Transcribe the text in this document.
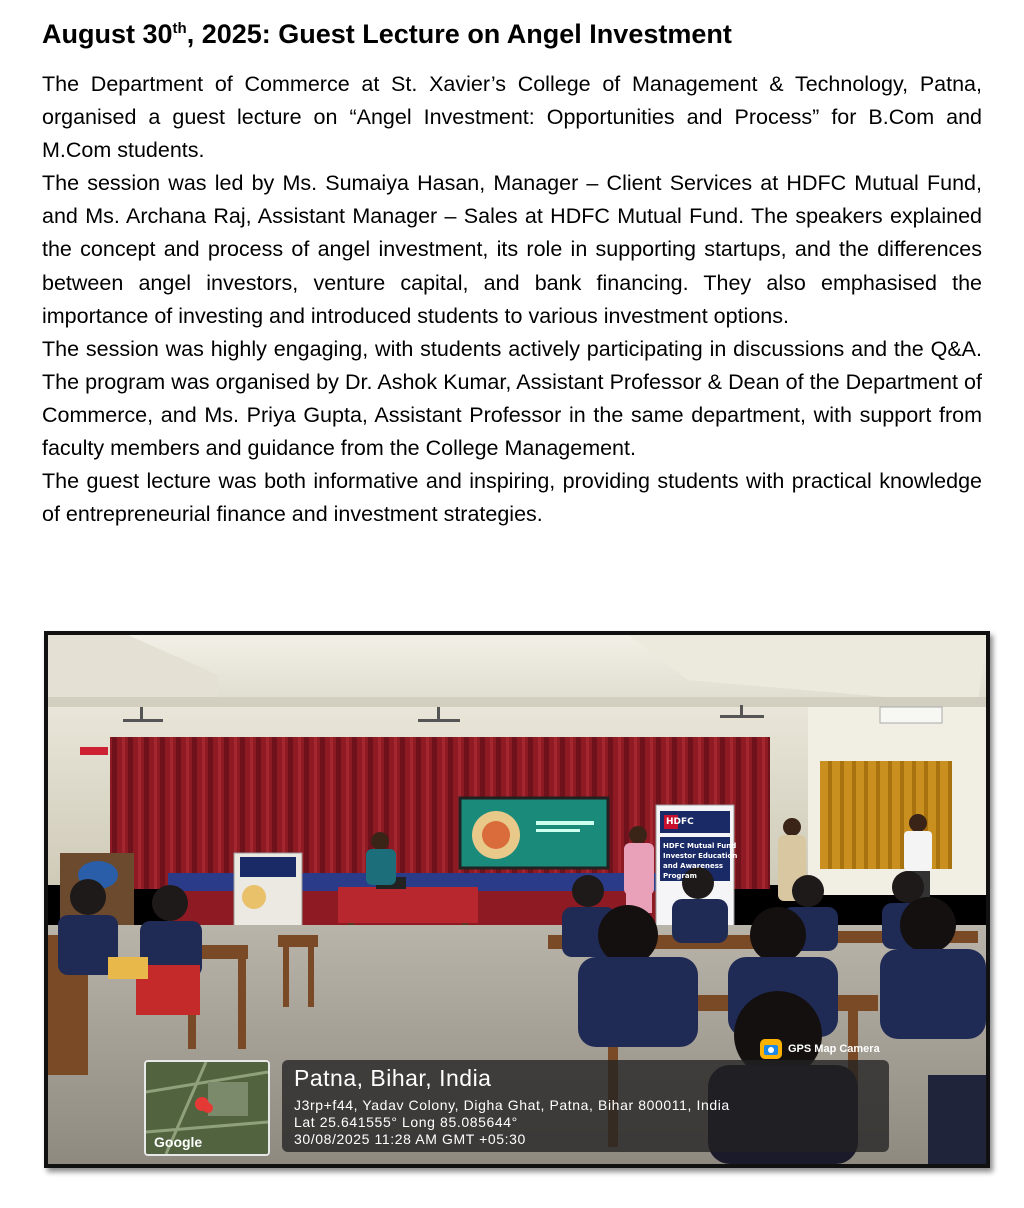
August 30th, 2025: Guest Lecture on Angel Investment

The Department of Commerce at St. Xavier’s College of Management & Technology, Patna, organised a guest lecture on “Angel Investment: Opportunities and Process” for B.Com and M.Com students.

The session was led by Ms. Sumaiya Hasan, Manager – Client Services at HDFC Mutual Fund, and Ms. Archana Raj, Assistant Manager – Sales at HDFC Mutual Fund. The speakers explained the concept and process of angel investment, its role in supporting startups, and the differences between angel investors, venture capital, and bank financing. They also emphasised the importance of investing and introduced students to various investment options.

The session was highly engaging, with students actively participating in discussions and the Q&A. The program was organised by Dr. Ashok Kumar, Assistant Professor & Dean of the Department of Commerce, and Ms. Priya Gupta, Assistant Professor in the same department, with support from faculty members and guidance from the College Management.

The guest lecture was both informative and inspiring, providing students with practical knowledge of entrepreneurial finance and investment strategies.

HDFC
HDFC Mutual Fund
Investor Education
and Awareness
Program
GPS Map Camera
Google
Patna, Bihar, India
J3rp+f44, Yadav Colony, Digha Ghat, Patna, Bihar 800011, India
Lat 25.641555° Long 85.085644°
30/08/2025 11:28 AM GMT +05:30
